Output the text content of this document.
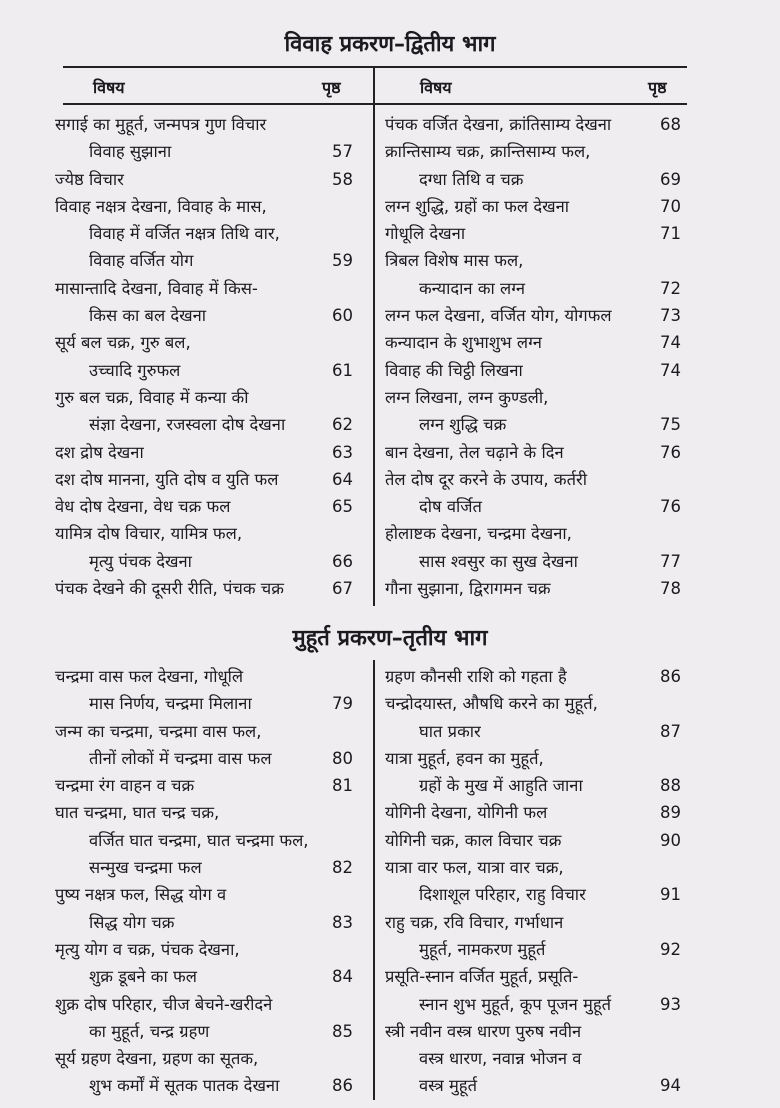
विवाह प्रकरण–द्वितीय भाग
विषय	पृष्ठ	विषय	पृष्ठ
सगाई का मुहूर्त, जन्मपत्र गुण विचार
विवाह सुझाना	57
ज्येष्ठ विचार	58
विवाह नक्षत्र देखना, विवाह के मास,
विवाह में वर्जित नक्षत्र तिथि वार,
विवाह वर्जित योग	59
मासान्तादि देखना, विवाह में किस-
किस का बल देखना	60
सूर्य बल चक्र, गुरु बल,
उच्चादि गुरुफल	61
गुरु बल चक्र, विवाह में कन्या की
संज्ञा देखना, रजस्वला दोष देखना	62
दश द्रोष देखना	63
दश दोष मानना, युति दोष व युति फल	64
वेध दोष देखना, वेध चक्र फल	65
यामित्र दोष विचार, यामित्र फल,
मृत्यु पंचक देखना	66
पंचक देखने की दूसरी रीति, पंचक चक्र	67
पंचक वर्जित देखना, क्रांतिसाम्य देखना	68
क्रान्तिसाम्य चक्र, क्रान्तिसाम्य फल,
दग्धा तिथि व चक्र	69
लग्न शुद्धि, ग्रहों का फल देखना	70
गोधूलि देखना	71
त्रिबल विशेष मास फल,
कन्यादान का लग्न	72
लग्न फल देखना, वर्जित योग, योगफल	73
कन्यादान के शुभाशुभ लग्न	74
विवाह की चिट्ठी लिखना	74
लग्न लिखना, लग्न कुण्डली,
लग्न शुद्धि चक्र	75
बान देखना, तेल चढ़ाने के दिन	76
तेल दोष दूर करने के उपाय, कर्तरी
दोष वर्जित	76
होलाष्टक देखना, चन्द्रमा देखना,
सास श्वसुर का सुख देखना	77
गौना सुझाना, द्विरागमन चक्र	78
मुहूर्त प्रकरण–तृतीय भाग
चन्द्रमा वास फल देखना, गोधूलि
मास निर्णय, चन्द्रमा मिलाना	79
जन्म का चन्द्रमा, चन्द्रमा वास फल,
तीनों लोकों में चन्द्रमा वास फल	80
चन्द्रमा रंग वाहन व चक्र	81
घात चन्द्रमा, घात चन्द्र चक्र,
वर्जित घात चन्द्रमा, घात चन्द्रमा फल,
सन्मुख चन्द्रमा फल	82
पुष्य नक्षत्र फल, सिद्ध योग व
सिद्ध योग चक्र	83
मृत्यु योग व चक्र, पंचक देखना,
शुक्र डूबने का फल	84
शुक्र दोष परिहार, चीज बेचने-खरीदने
का मुहूर्त, चन्द्र ग्रहण	85
सूर्य ग्रहण देखना, ग्रहण का सूतक,
शुभ कर्मों में सूतक पातक देखना	86
ग्रहण कौनसी राशि को गहता है	86
चन्द्रोदयास्त, औषधि करने का मुहूर्त,
घात प्रकार	87
यात्रा मुहूर्त, हवन का मुहूर्त,
ग्रहों के मुख में आहुति जाना	88
योगिनी देखना, योगिनी फल	89
योगिनी चक्र, काल विचार चक्र	90
यात्रा वार फल, यात्रा वार चक्र,
दिशाशूल परिहार, राहु विचार	91
राहु चक्र, रवि विचार, गर्भाधान
मुहूर्त, नामकरण मुहूर्त	92
प्रसूति-स्नान वर्जित मुहूर्त, प्रसूति-
स्नान शुभ मुहूर्त, कूप पूजन मुहूर्त	93
स्त्री नवीन वस्त्र धारण पुरुष नवीन
वस्त्र धारण, नवान्न भोजन व
वस्त्र मुहूर्त	94
